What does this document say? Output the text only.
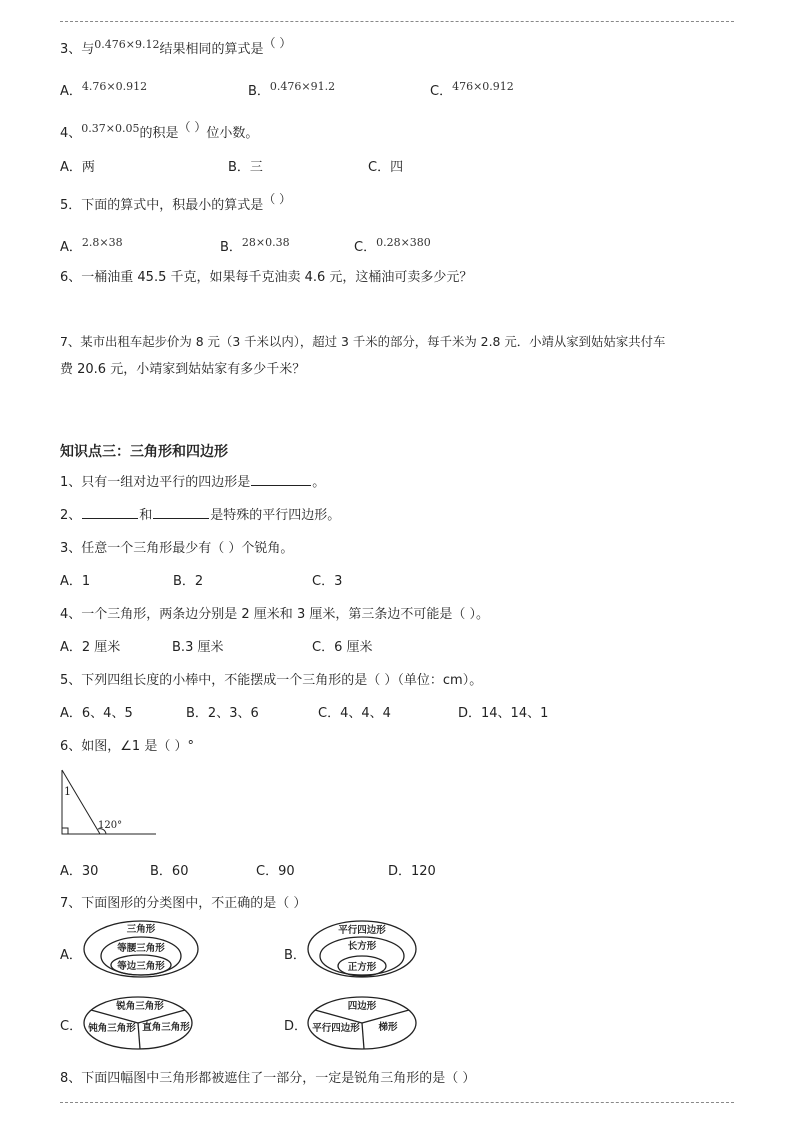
3、与$^{0.476\times 9.12}$结果相同的算式是（ ）
A．$^{4.76\times 0.912}$	B．$^{0.476\times 91.2}$	C．$^{476\times 0.912}$
4、$^{0.37\times 0.05}$的积是（ ）位小数。
A．两	B．三	C．四
5．下面的算式中，积最小的算式是（ ）
A．$^{2.8\times 38}$	B．$^{28\times 0.38}$	C．$^{0.28\times 380}$
6、一桶油重 45.5 千克，如果每千克油卖 4.6 元，这桶油可卖多少元？
7、某市出租车起步价为 8 元（3 千米以内），超过 3 千米的部分，每千米为 2.8 元．小靖从家到姑姑家共付车
费 20.6 元，小靖家到姑姑家有多少千米？
知识点三：三角形和四边形
1、只有一组对边平行的四边形是	。
2、	和	是特殊的平行四边形。
3、任意一个三角形最少有（ ）个锐角。
A．1	B．2	C．3
4、一个三角形，两条边分别是 2 厘米和 3 厘米，第三条边不可能是（ ）。
A．2 厘米	B.3 厘米	C．6 厘米
5、下列四组长度的小棒中，不能摆成一个三角形的是（ ）（单位：cm）。
A．6、4、5	B．2、3、6	C．4、4、4	D．14、14、1
6、如图，∠1 是（ ）°
1
120°
A．30	B．60	C．90	D．120
7、下面图形的分类图中，不正确的是（ ）
A．
三角形
等腰三角形
等边三角形
B．
平行四边形
长方形
正方形
C．
锐角三角形
钝角三角形 直角三角形	D．
四边形
平行四边形 梯形
8、下面四幅图中三角形都被遮住了一部分，一定是锐角三角形的是（ ）
